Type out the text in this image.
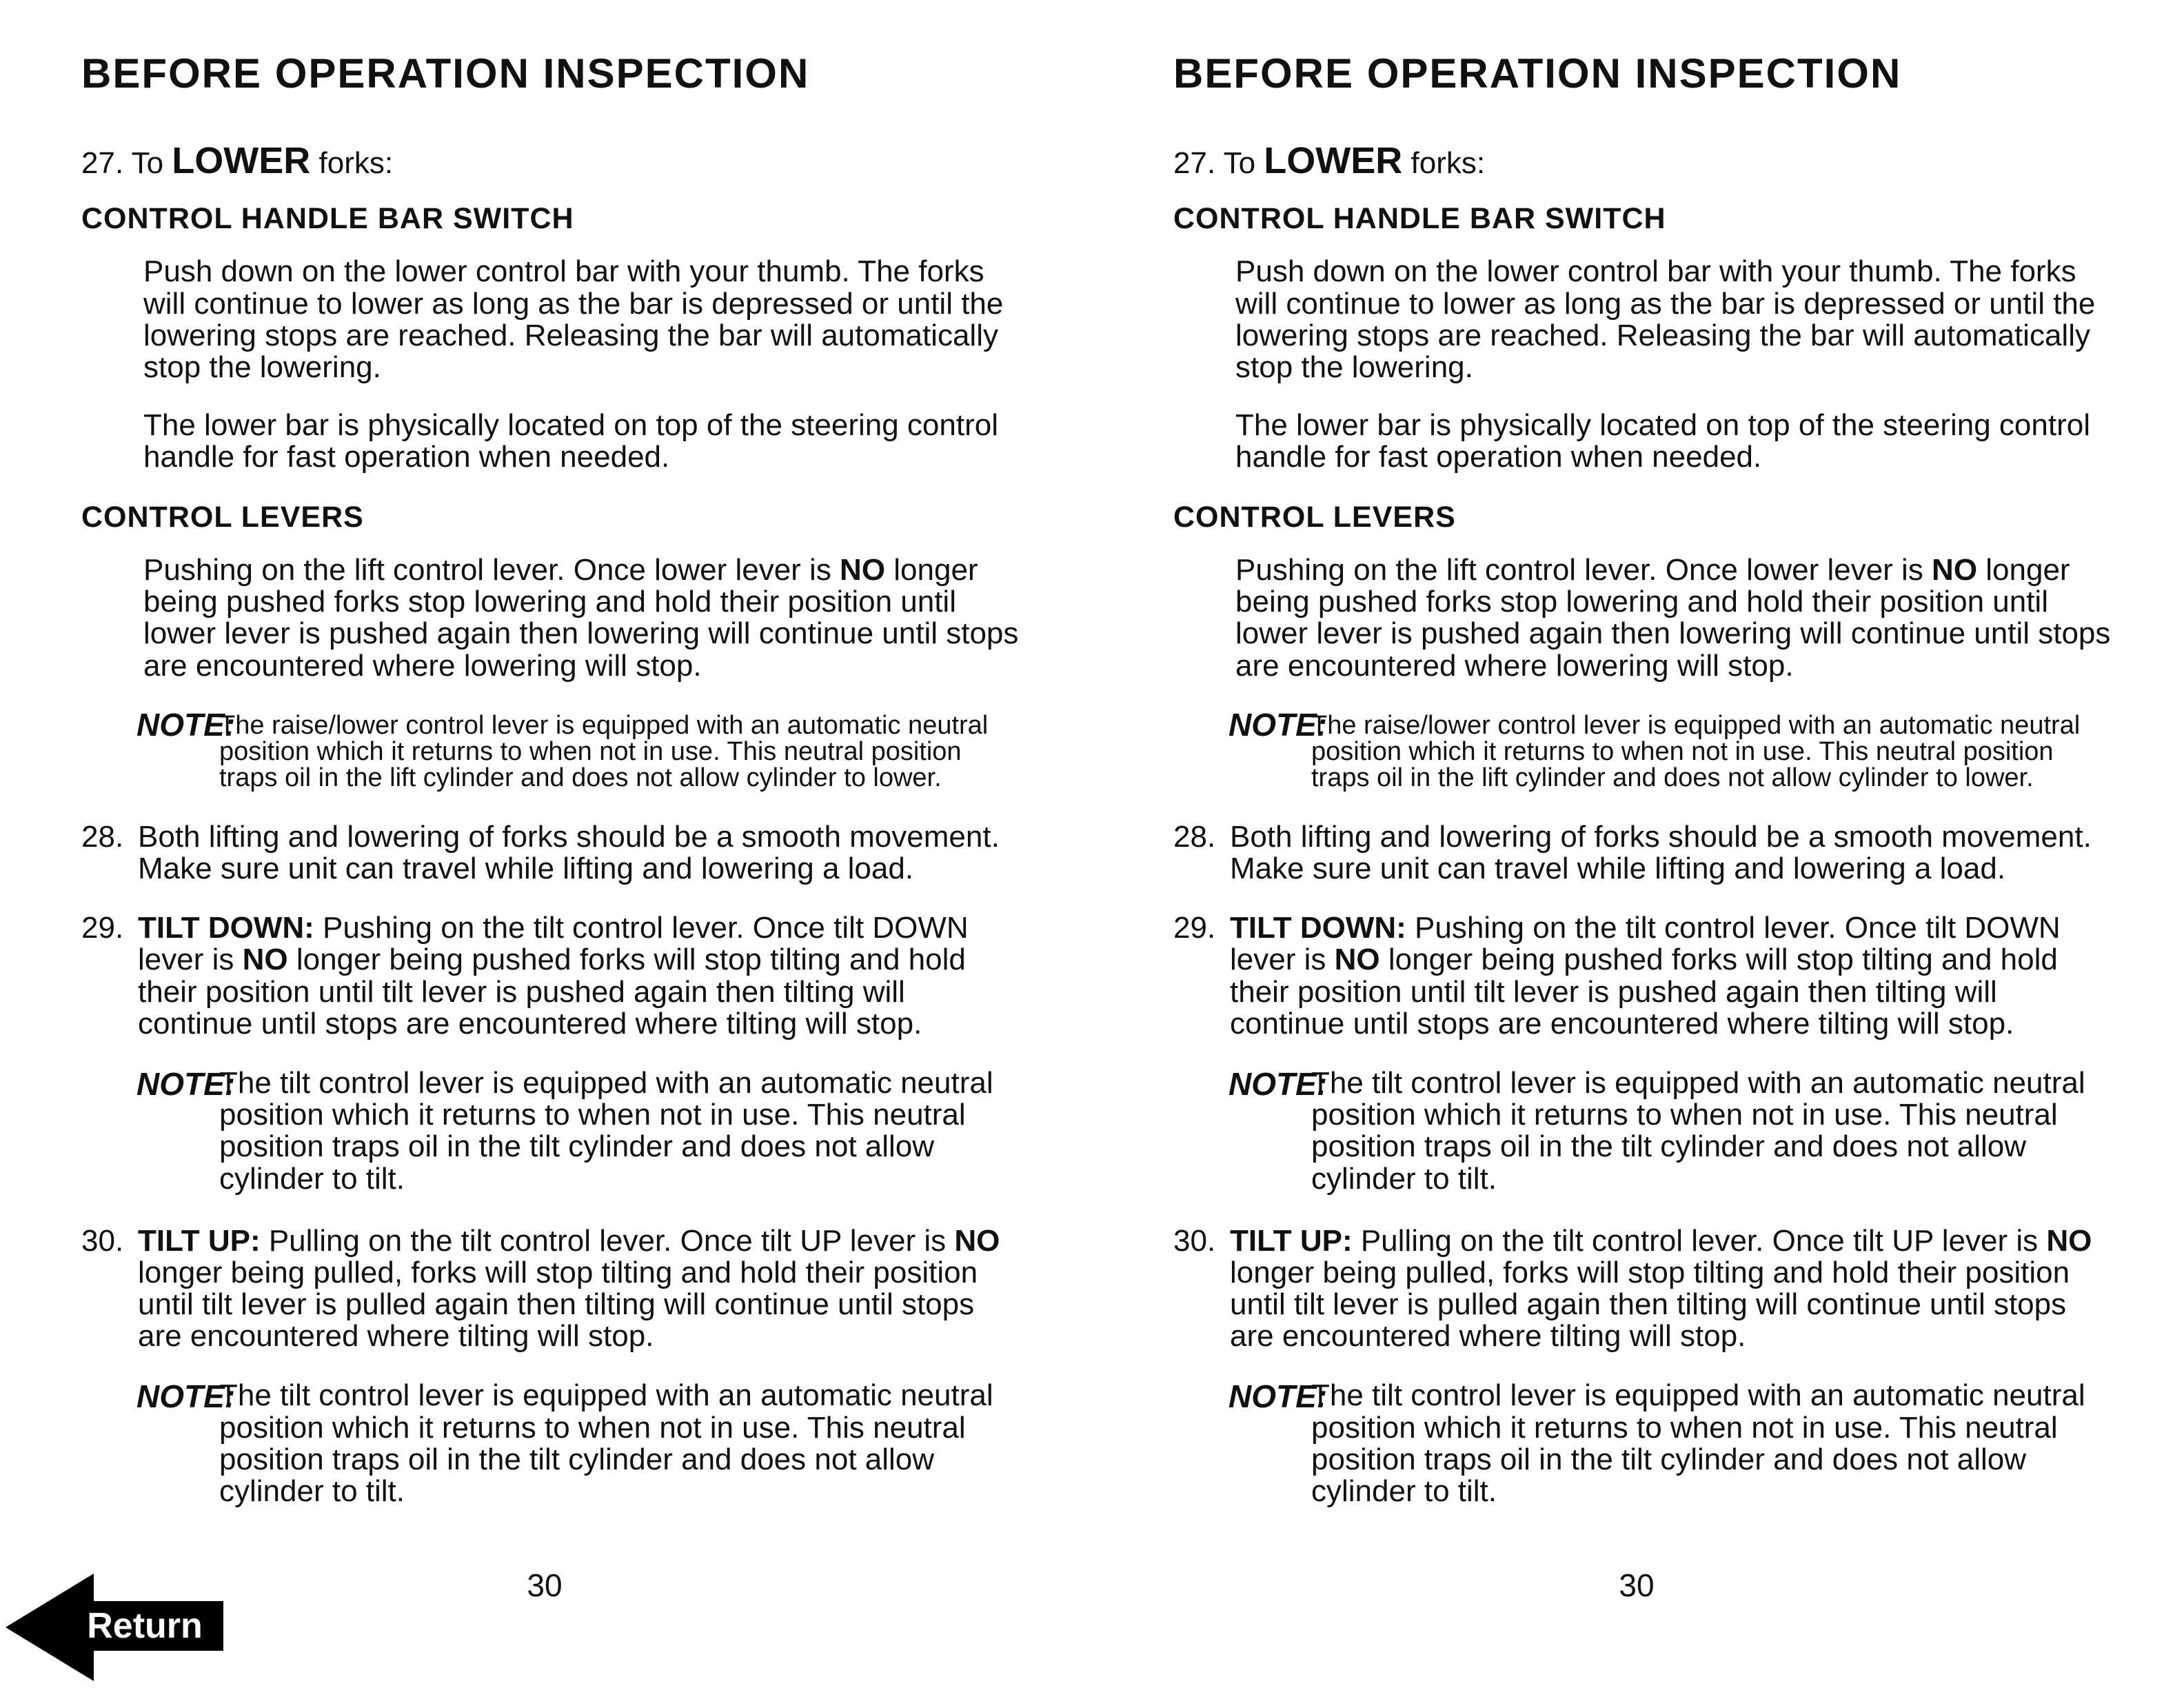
BEFORE OPERATION INSPECTION

27. To LOWER forks:

CONTROL HANDLE BAR SWITCH

Push down on the lower control bar with your thumb. The forks will continue to lower as long as the bar is depressed or until the lowering stops are reached. Releasing the bar will automatically stop the lowering.

The lower bar is physically located on top of the steering control handle for fast operation when needed.

CONTROL LEVERS

Pushing on the lift control lever. Once lower lever is NO longer being pushed forks stop lowering and hold their position until lower lever is pushed again then lowering will continue until stops are encountered where lowering will stop.

NOTE:
The raise/lower control lever is equipped with an automatic neutral position which it returns to when not in use. This neutral position traps oil in the lift cylinder and does not allow cylinder to lower.
28. Both lifting and lowering of forks should be a smooth movement. Make sure unit can travel while lifting and lowering a load.
29. TILT DOWN: Pushing on the tilt control lever. Once tilt DOWN lever is NO longer being pushed forks will stop tilting and hold their position until tilt lever is pushed again then tilting will continue until stops are encountered where tilting will stop.
NOTE:
The tilt control lever is equipped with an automatic neutral position which it returns to when not in use. This neutral position traps oil in the tilt cylinder and does not allow cylinder to tilt.
30. TILT UP: Pulling on the tilt control lever. Once tilt UP lever is NO longer being pulled, forks will stop tilting and hold their position until tilt lever is pulled again then tilting will continue until stops are encountered where tilting will stop.
NOTE:
The tilt control lever is equipped with an automatic neutral position which it returns to when not in use. This neutral position traps oil in the tilt cylinder and does not allow cylinder to tilt.
30
Return
BEFORE OPERATION INSPECTION

27. To LOWER forks:

CONTROL HANDLE BAR SWITCH

Push down on the lower control bar with your thumb. The forks will continue to lower as long as the bar is depressed or until the lowering stops are reached. Releasing the bar will automatically stop the lowering.

The lower bar is physically located on top of the steering control handle for fast operation when needed.

CONTROL LEVERS

Pushing on the lift control lever. Once lower lever is NO longer being pushed forks stop lowering and hold their position until lower lever is pushed again then lowering will continue until stops are encountered where lowering will stop.

NOTE:
The raise/lower control lever is equipped with an automatic neutral position which it returns to when not in use. This neutral position traps oil in the lift cylinder and does not allow cylinder to lower.
28. Both lifting and lowering of forks should be a smooth movement. Make sure unit can travel while lifting and lowering a load.
29. TILT DOWN: Pushing on the tilt control lever. Once tilt DOWN lever is NO longer being pushed forks will stop tilting and hold their position until tilt lever is pushed again then tilting will continue until stops are encountered where tilting will stop.
NOTE:
The tilt control lever is equipped with an automatic neutral position which it returns to when not in use. This neutral position traps oil in the tilt cylinder and does not allow cylinder to tilt.
30. TILT UP: Pulling on the tilt control lever. Once tilt UP lever is NO longer being pulled, forks will stop tilting and hold their position until tilt lever is pulled again then tilting will continue until stops are encountered where tilting will stop.
NOTE:
The tilt control lever is equipped with an automatic neutral position which it returns to when not in use. This neutral position traps oil in the tilt cylinder and does not allow cylinder to tilt.
30
